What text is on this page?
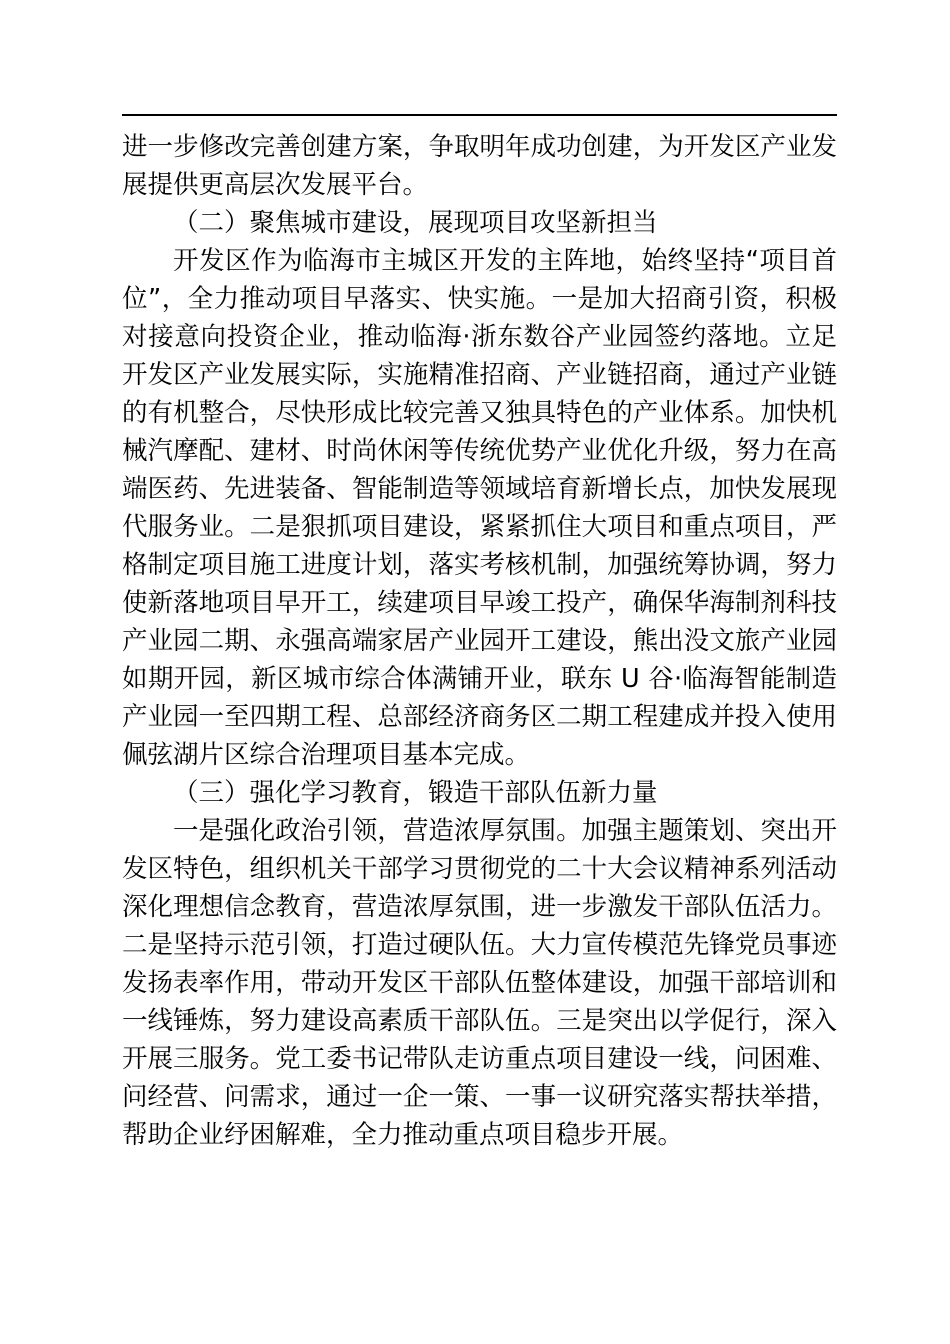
进一步修改完善创建方案，争取明年成功创建，为开发区产业发
展提供更高层次发展平台。
（二）聚焦城市建设，展现项目攻坚新担当
开发区作为临海市主城区开发的主阵地，始终坚持“项目首
位”，全力推动项目早落实、快实施。一是加大招商引资，积极
对接意向投资企业，推动临海·浙东数谷产业园签约落地。立足
开发区产业发展实际，实施精准招商、产业链招商，通过产业链
的有机整合，尽快形成比较完善又独具特色的产业体系。加快机
械汽摩配、建材、时尚休闲等传统优势产业优化升级，努力在高
端医药、先进装备、智能制造等领域培育新增长点，加快发展现
代服务业。二是狠抓项目建设，紧紧抓住大项目和重点项目，严
格制定项目施工进度计划，落实考核机制，加强统筹协调，努力
使新落地项目早开工，续建项目早竣工投产，确保华海制剂科技
产业园二期、永强高端家居产业园开工建设，熊出没文旅产业园
如期开园，新区城市综合体满铺开业，联东 U 谷·临海智能制造
产业园一至四期工程、总部经济商务区二期工程建成并投入使用
佩弦湖片区综合治理项目基本完成。
（三）强化学习教育，锻造干部队伍新力量
一是强化政治引领，营造浓厚氛围。加强主题策划、突出开
发区特色，组织机关干部学习贯彻党的二十大会议精神系列活动
深化理想信念教育，营造浓厚氛围，进一步激发干部队伍活力。
二是坚持示范引领，打造过硬队伍。大力宣传模范先锋党员事迹
发扬表率作用，带动开发区干部队伍整体建设，加强干部培训和
一线锤炼，努力建设高素质干部队伍。三是突出以学促行，深入
开展三服务。党工委书记带队走访重点项目建设一线，问困难、
问经营、问需求，通过一企一策、一事一议研究落实帮扶举措，
帮助企业纾困解难，全力推动重点项目稳步开展。
